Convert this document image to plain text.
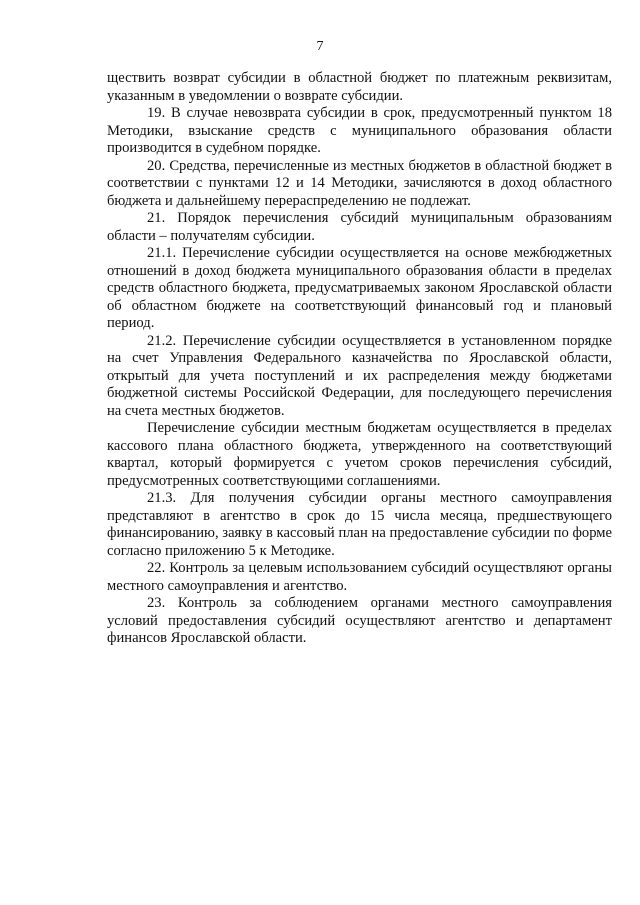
7

ществить возврат субсидии в областной бюджет по платежным реквизитам, указанным в уведомлении о возврате субсидии.

19. В случае невозврата субсидии в срок, предусмотренный пунктом 18 Методики, взыскание средств с муниципального образования области производится в судебном порядке.

20. Средства, перечисленные из местных бюджетов в областной бюджет в соответствии с пунктами 12 и 14 Методики, зачисляются в доход областного бюджета и дальнейшему перераспределению не подлежат.

21. Порядок перечисления субсидий муниципальным образованиям области – получателям субсидии.

21.1. Перечисление субсидии осуществляется на основе межбюджетных отношений в доход бюджета муниципального образования области в пределах средств областного бюджета, предусматриваемых законом Ярославской области об областном бюджете на соответствующий финансовый год и плановый период.

21.2. Перечисление субсидии осуществляется в установленном порядке на счет Управления Федерального казначейства по Ярославской области, открытый для учета поступлений и их распределения между бюджетами бюджетной системы Российской Федерации, для последующего перечисления на счета местных бюджетов.

Перечисление субсидии местным бюджетам осуществляется в пределах кассового плана областного бюджета, утвержденного на соответствующий квартал, который формируется с учетом сроков перечисления субсидий, предусмотренных соответствующими соглашениями.

21.3. Для получения субсидии органы местного самоуправления представляют в агентство в срок до 15 числа месяца, предшествующего финансированию, заявку в кассовый план на предоставление субсидии по форме согласно приложению 5 к Методике.

22. Контроль за целевым использованием субсидий осуществляют органы местного самоуправления и агентство.

23. Контроль за соблюдением органами местного самоуправления условий предоставления субсидий осуществляют агентство и департамент финансов Ярославской области.
